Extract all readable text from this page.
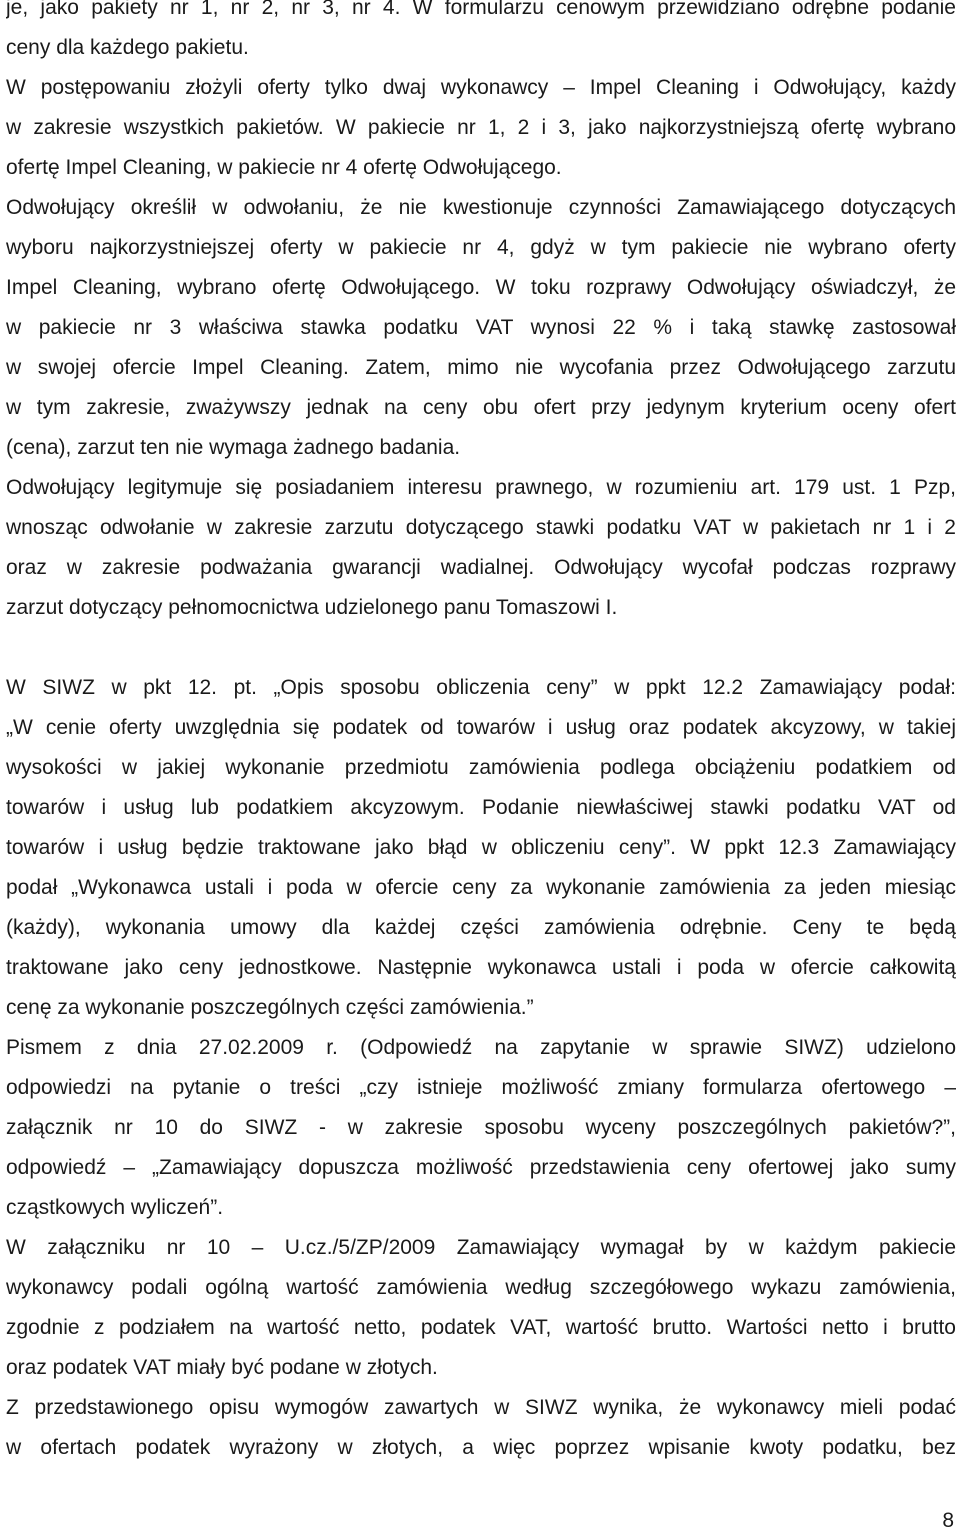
je, jako pakiety nr 1, nr 2, nr 3, nr 4. W formularzu cenowym przewidziano odrębne podanie
ceny dla każdego pakietu.
W postępowaniu złożyli oferty tylko dwaj wykonawcy – Impel Cleaning i Odwołujący, każdy
w zakresie wszystkich pakietów. W pakiecie nr 1, 2 i 3, jako najkorzystniejszą ofertę wybrano
ofertę Impel Cleaning, w pakiecie nr 4 ofertę Odwołującego.
Odwołujący określił w odwołaniu, że nie kwestionuje czynności Zamawiającego dotyczących
wyboru najkorzystniejszej oferty w pakiecie nr 4, gdyż w tym pakiecie nie wybrano oferty
Impel Cleaning, wybrano ofertę Odwołującego. W toku rozprawy Odwołujący oświadczył, że
w pakiecie nr 3 właściwa stawka podatku VAT wynosi 22 % i taką stawkę zastosował
w swojej ofercie Impel Cleaning. Zatem, mimo nie wycofania przez Odwołującego zarzutu
w tym zakresie, zważywszy jednak na ceny obu ofert przy jedynym kryterium oceny ofert
(cena), zarzut ten nie wymaga żadnego badania.
Odwołujący legitymuje się posiadaniem interesu prawnego, w rozumieniu art. 179 ust. 1 Pzp,
wnosząc odwołanie w zakresie zarzutu dotyczącego stawki podatku VAT w pakietach nr 1 i 2
oraz w zakresie podważania gwarancji wadialnej. Odwołujący wycofał podczas rozprawy
zarzut dotyczący pełnomocnictwa udzielonego panu Tomaszowi I.
W SIWZ w pkt 12. pt. „Opis sposobu obliczenia ceny” w ppkt 12.2 Zamawiający podał:
„W cenie oferty uwzględnia się podatek od towarów i usług oraz podatek akcyzowy, w takiej
wysokości w jakiej wykonanie przedmiotu zamówienia podlega obciążeniu podatkiem od
towarów i usług lub podatkiem akcyzowym. Podanie niewłaściwej stawki podatku VAT od
towarów i usług będzie traktowane jako błąd w obliczeniu ceny”. W ppkt 12.3 Zamawiający
podał „Wykonawca ustali i poda w ofercie ceny za wykonanie zamówienia za jeden miesiąc
(każdy), wykonania umowy dla każdej części zamówienia odrębnie. Ceny te będą
traktowane jako ceny jednostkowe. Następnie wykonawca ustali i poda w ofercie całkowitą
cenę za wykonanie poszczególnych części zamówienia.”
Pismem z dnia 27.02.2009 r. (Odpowiedź na zapytanie w sprawie SIWZ) udzielono
odpowiedzi na pytanie o treści „czy istnieje możliwość zmiany formularza ofertowego –
załącznik nr 10 do SIWZ - w zakresie sposobu wyceny poszczególnych pakietów?”,
odpowiedź – „Zamawiający dopuszcza możliwość przedstawienia ceny ofertowej jako sumy
cząstkowych wyliczeń”.
W załączniku nr 10 – U.cz./5/ZP/2009 Zamawiający wymagał by w każdym pakiecie
wykonawcy podali ogólną wartość zamówienia według szczegółowego wykazu zamówienia,
zgodnie z podziałem na wartość netto, podatek VAT, wartość brutto. Wartości netto i brutto
oraz podatek VAT miały być podane w złotych.
Z przedstawionego opisu wymogów zawartych w SIWZ wynika, że wykonawcy mieli podać
w ofertach podatek wyrażony w złotych, a więc poprzez wpisanie kwoty podatku, bez
8
